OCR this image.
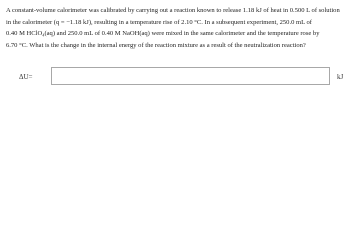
A constant-volume calorimeter was calibrated by carrying out a reaction known to release 1.18 kJ of heat in 0.500 L of solution
in the calorimeter (q = −1.18 kJ), resulting in a temperature rise of 2.10 °C. In a subsequent experiment, 250.0 mL of
0.40 M HClO₄(aq) and 250.0 mL of 0.40 M NaOH(aq) were mixed in the same calorimeter and the temperature rose by
6.70 °C. What is the change in the internal energy of the reaction mixture as a result of the neutralization reaction?
ΔU=	kJ
